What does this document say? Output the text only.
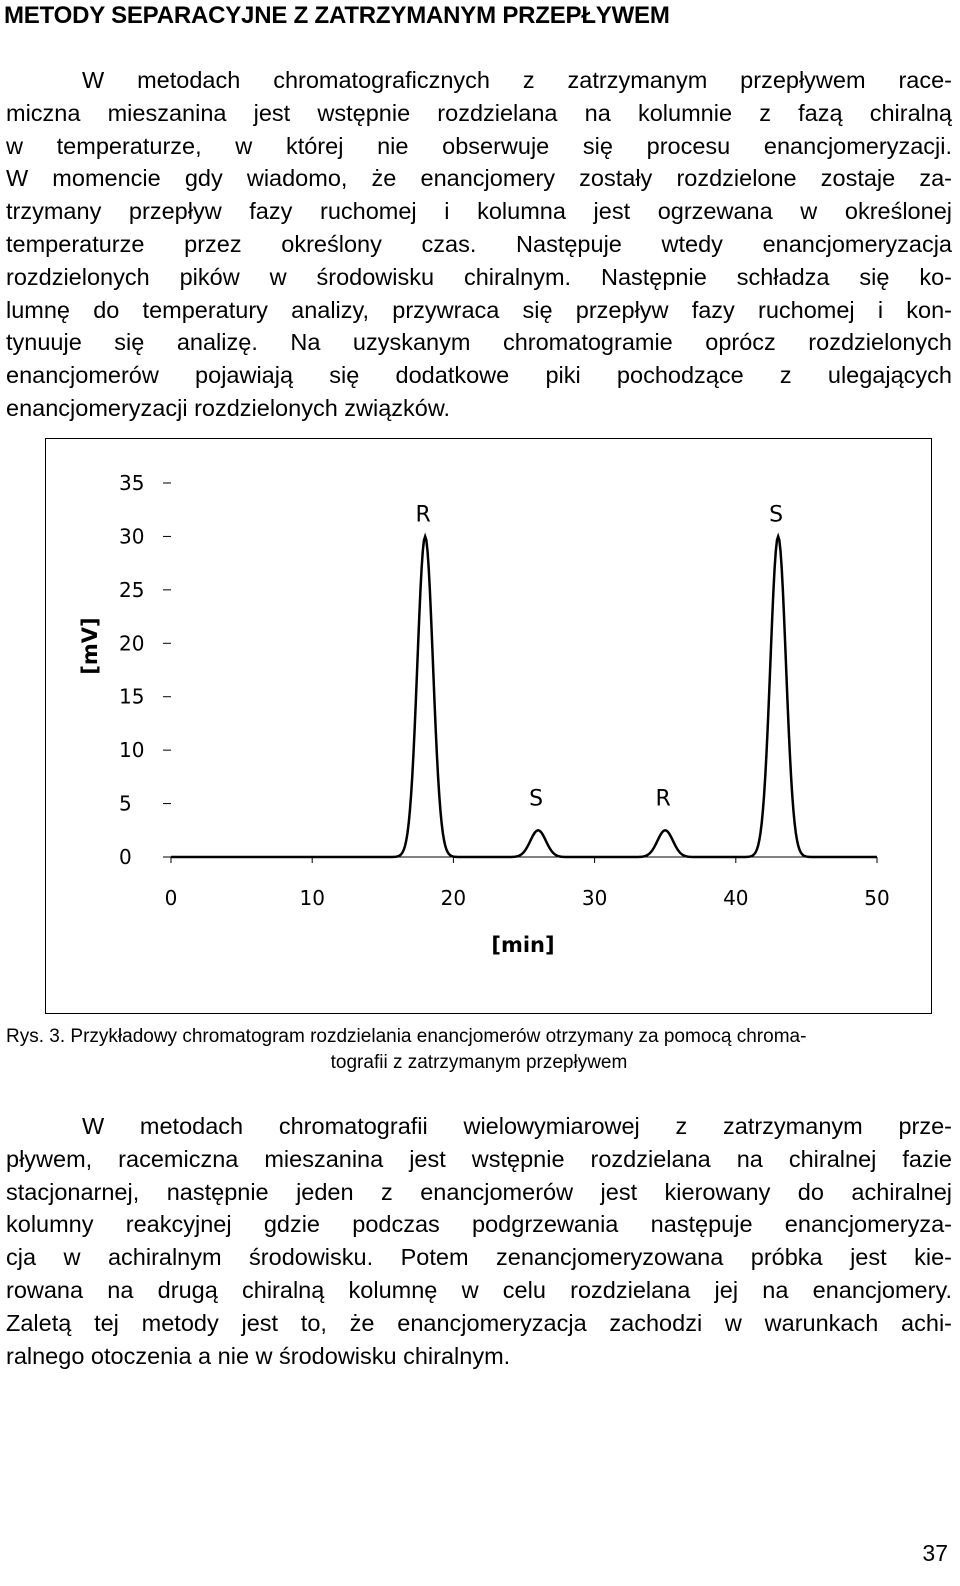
METODY SEPARACYJNE Z ZATRZYMANYM PRZEPŁYWEM
W metodach chromatograficznych z zatrzymanym przepływem race-
miczna mieszanina jest wstępnie rozdzielana na kolumnie z fazą chiralną
w temperaturze, w której nie obserwuje się procesu enancjomeryzacji.
W momencie gdy wiadomo, że enancjomery zostały rozdzielone zostaje za-
trzymany przepływ fazy ruchomej i kolumna jest ogrzewana w określonej
temperaturze przez określony czas. Następuje wtedy enancjomeryzacja
rozdzielonych pików w środowisku chiralnym. Następnie schładza się ko-
lumnę do temperatury analizy, przywraca się przepływ fazy ruchomej i kon-
tynuuje się analizę. Na uzyskanym chromatogramie oprócz rozdzielonych
enancjomerów pojawiają się dodatkowe piki pochodzące z ulegających
enancjomeryzacji rozdzielonych związków.
0
5
10
15
20
25
30
35
0	10	20	30	40	50
R
S	R
S
[mV]
[min]
Rys. 3. Przykładowy chromatogram rozdzielania enancjomerów otrzymany za pomocą chroma-
tografii z zatrzymanym przepływem
W metodach chromatografii wielowymiarowej z zatrzymanym prze-
pływem, racemiczna mieszanina jest wstępnie rozdzielana na chiralnej fazie
stacjonarnej, następnie jeden z enancjomerów jest kierowany do achiralnej
kolumny reakcyjnej gdzie podczas podgrzewania następuje enancjomeryza-
cja w achiralnym środowisku. Potem zenancjomeryzowana próbka jest kie-
rowana na drugą chiralną kolumnę w celu rozdzielana jej na enancjomery.
Zaletą tej metody jest to, że enancjomeryzacja zachodzi w warunkach achi-
ralnego otoczenia a nie w środowisku chiralnym.
37
